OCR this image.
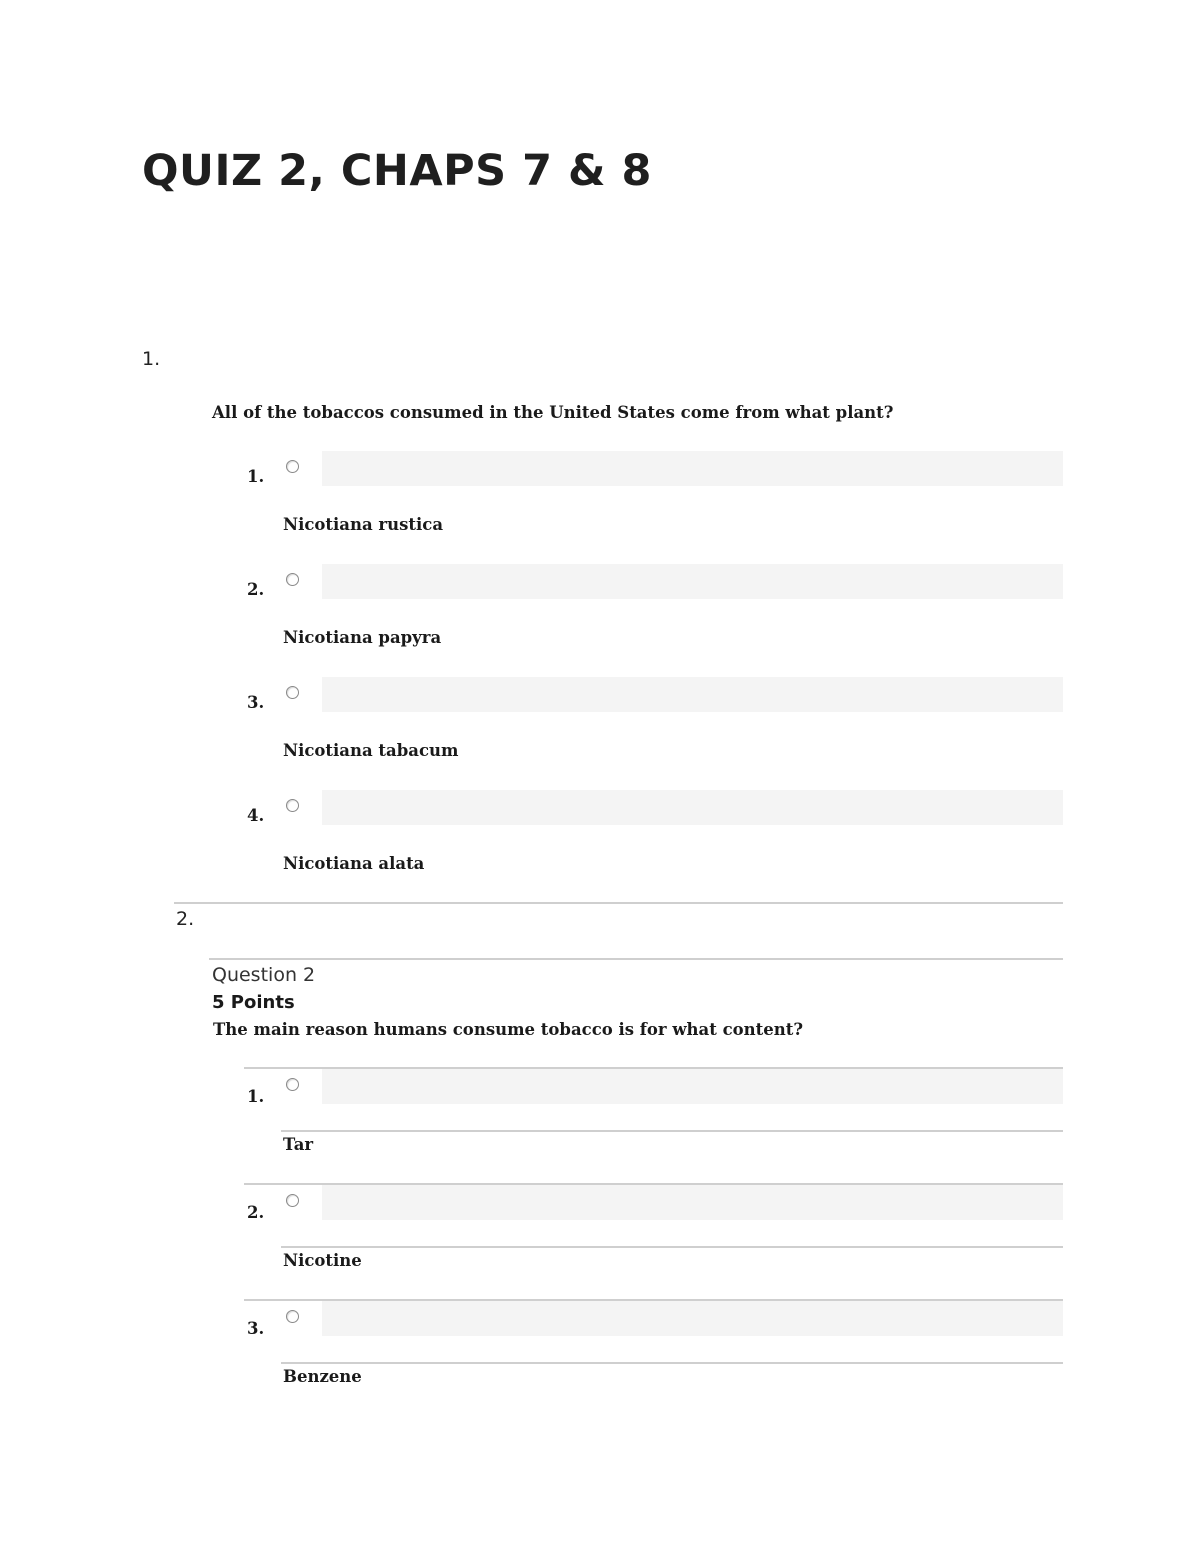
QUIZ 2, CHAPS 7 & 8
1.
All of the tobaccos consumed in the United States come from what plant?
1.
Nicotiana rustica
2.
Nicotiana papyra
3.
Nicotiana tabacum
4.
Nicotiana alata
2.
Question 2
5 Points
The main reason humans consume tobacco is for what content?
1.
Tar
2.
Nicotine
3.
Benzene
